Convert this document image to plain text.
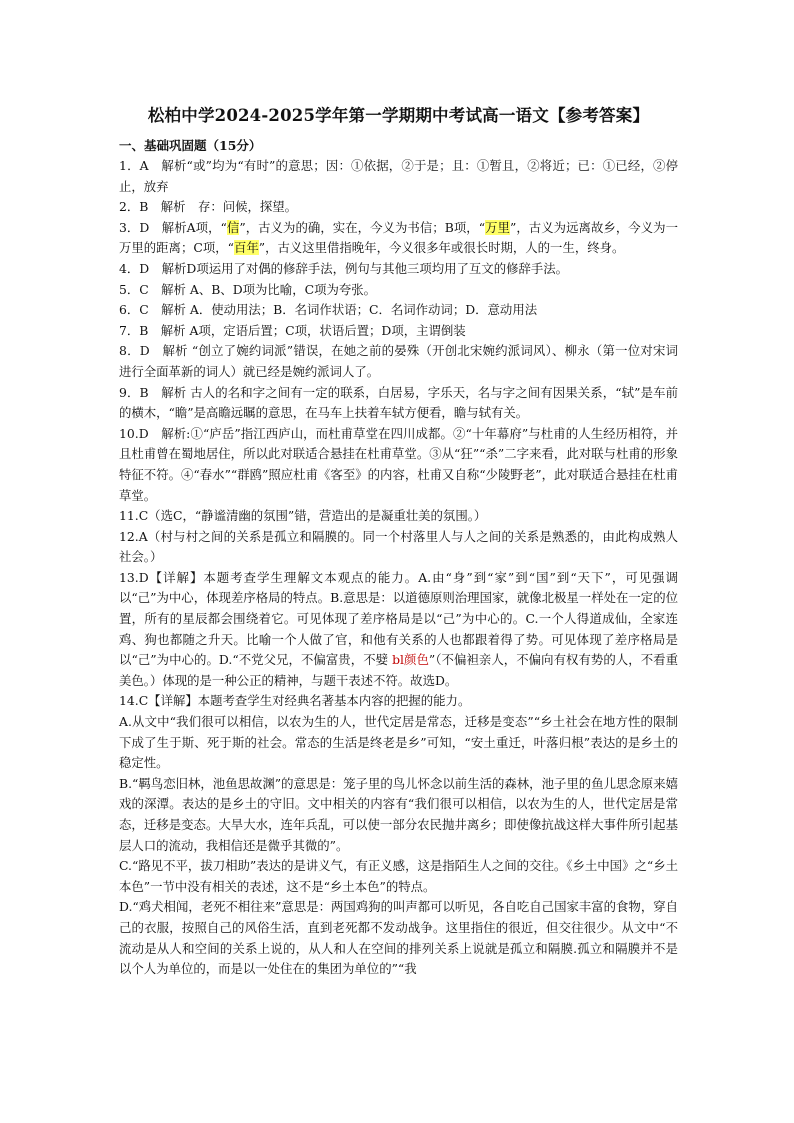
松柏中学2024-2025学年第一学期期中考试高一语文【参考答案】
一、基础巩固题（15分）
1．A　解析“或”均为“有时”的意思；因：①依据，②于是；且：①暂且，②将近；已：①已经，②停止，放弃
2．B　解析　存：问候，探望。
3．D　解析A项，“信”，古义为的确，实在，今义为书信；B项，“万里”，古义为远离故乡，今义为一万里的距离；C项，“百年”，古义这里借指晚年，今义很多年或很长时期，人的一生，终身。
4．D　解析D项运用了对偶的修辞手法，例句与其他三项均用了互文的修辞手法。
5．C　解析 A、B、D项为比喻，C项为夸张。
6．C　解析 A．使动用法；B．名词作状语；C．名词作动词；D．意动用法
7．B　解析 A项，定语后置；C项，状语后置；D项，主谓倒装
8．D　解析 “创立了婉约词派”错误，在她之前的晏殊（开创北宋婉约派词风）、柳永（第一位对宋词进行全面革新的词人）就已经是婉约派词人了。
9．B　解析 古人的名和字之间有一定的联系，白居易，字乐天，名与字之间有因果关系，“轼”是车前的横木，“瞻”是高瞻远瞩的意思，在马车上扶着车轼方便看，瞻与轼有关。
10.D　解析:①“庐岳”指江西庐山，而杜甫草堂在四川成都。②“十年幕府”与杜甫的人生经历相符，并且杜甫曾在蜀地居住，所以此对联适合悬挂在杜甫草堂。③从“狂”“杀”二字来看，此对联与杜甫的形象特征不符。④“春水”“群鸥”照应杜甫《客至》的内容，杜甫又自称“少陵野老”，此对联适合悬挂在杜甫草堂。
11.C（选C，“静谧清幽的氛围”错，营造出的是凝重壮美的氛围。）
12.A（村与村之间的关系是孤立和隔膜的。同一个村落里人与人之间的关系是熟悉的，由此构成熟人社会。）
13.D【详解】本题考查学生理解文本观点的能力。A.由“身”到“家”到“国”到“天下”，可见强调以“己”为中心，体现差序格局的特点。B.意思是：以道德原则治理国家，就像北极星一样处在一定的位置，所有的星辰都会围绕着它。可见体现了差序格局是以“己”为中心的。C.一个人得道成仙，全家连鸡、狗也都随之升天。比喻一个人做了官，和他有关系的人也都跟着得了势。可见体现了差序格局是以“己”为中心的。D.“不党父兄，不偏富贵，不嬖 bl颜色”（不偏袒亲人，不偏向有权有势的人，不看重美色。）体现的是一种公正的精神，与题干表述不符。故选D。
14.C【详解】本题考查学生对经典名著基本内容的把握的能力。
A.从文中“我们很可以相信，以农为生的人，世代定居是常态，迁移是变态”“乡土社会在地方性的限制下成了生于斯、死于斯的社会。常态的生活是终老是乡”可知，“安土重迁，叶落归根”表达的是乡土的稳定性。
B.“羁鸟恋旧林，池鱼思故渊”的意思是：笼子里的鸟儿怀念以前生活的森林，池子里的鱼儿思念原来嬉戏的深潭。表达的是乡土的守旧。文中相关的内容有“我们很可以相信，以农为生的人，世代定居是常态，迁移是变态。大旱大水，连年兵乱，可以使一部分农民抛井离乡；即使像抗战这样大事件所引起基层人口的流动，我相信还是微乎其微的”。
C.“路见不平，拔刀相助”表达的是讲义气，有正义感，这是指陌生人之间的交往。《乡土中国》之“乡土本色”一节中没有相关的表述，这不是“乡土本色”的特点。
D.“鸡犬相闻，老死不相往来”意思是：两国鸡狗的叫声都可以听见，各自吃自己国家丰富的食物，穿自己的衣服，按照自己的风俗生活，直到老死都不发动战争。这里指住的很近，但交往很少。从文中“不流动是从人和空间的关系上说的，从人和人在空间的排列关系上说就是孤立和隔膜.孤立和隔膜并不是以个人为单位的，而是以一处住在的集团为单位的”“我
